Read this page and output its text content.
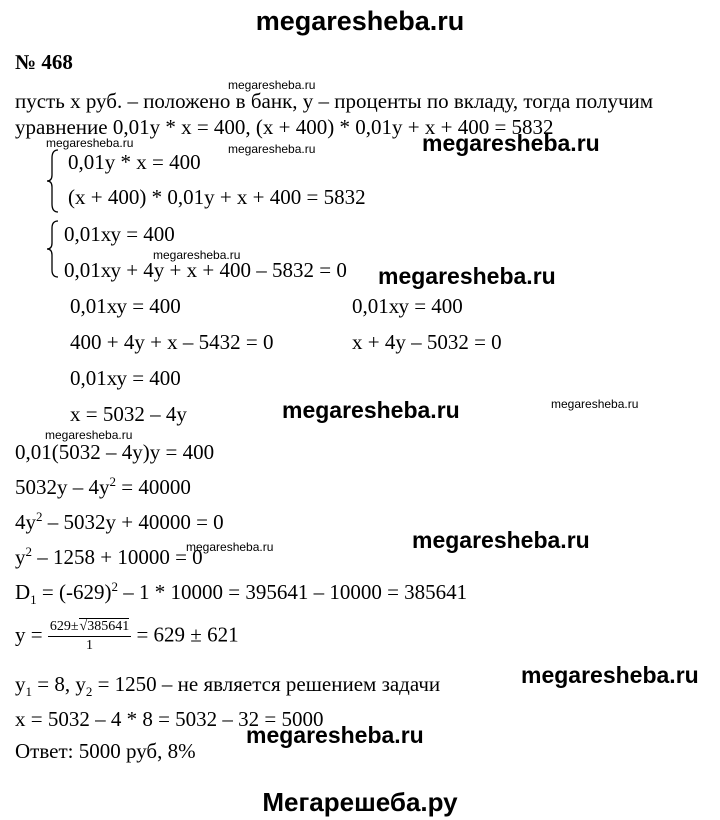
megaresheba.ru
№ 468
пусть х руб. – положено в банк, у – проценты по вкладу, тогда получим
уравнение 0,01у * х = 400, (х + 400) * 0,01у + х + 400 = 5832
0,01у * х = 400
(х + 400) * 0,01у + х + 400 = 5832
0,01ху = 400
0,01ху + 4у + х + 400 – 5832 = 0
0,01ху = 400
400 + 4у + х – 5432 = 0
0,01ху = 400
х = 5032 – 4у
0,01ху = 400
х + 4у – 5032 = 0
0,01(5032 – 4у)у = 400
$5032у - 4у^2 = 40000$
$4у^2 - 5032у + 40000 = 0$
$у^2 - 1258 + 10000 = 0$
$D_1 = (-629)^2 - 1 * 10000 = 395641 - 10000 = 385641$
$у = \frac{629\pm√385641}{1} = 629 \pm 621$
$у_1 = 8$, $у_2 = 1250$ – не является решением задачи
х = 5032 – 4 * 8 = 5032 – 32 = 5000
Ответ: 5000 руб, 8%
megaresheba.ru
megaresheba.ru
megaresheba.ru
megaresheba.ru
megaresheba.ru
megaresheba.ru
megaresheba.ru
megaresheba.ru	megaresheba.ru
megaresheba.ru
megaresheba.ru
megaresheba.ru
megaresheba.ru
Мегарешеба.ру
